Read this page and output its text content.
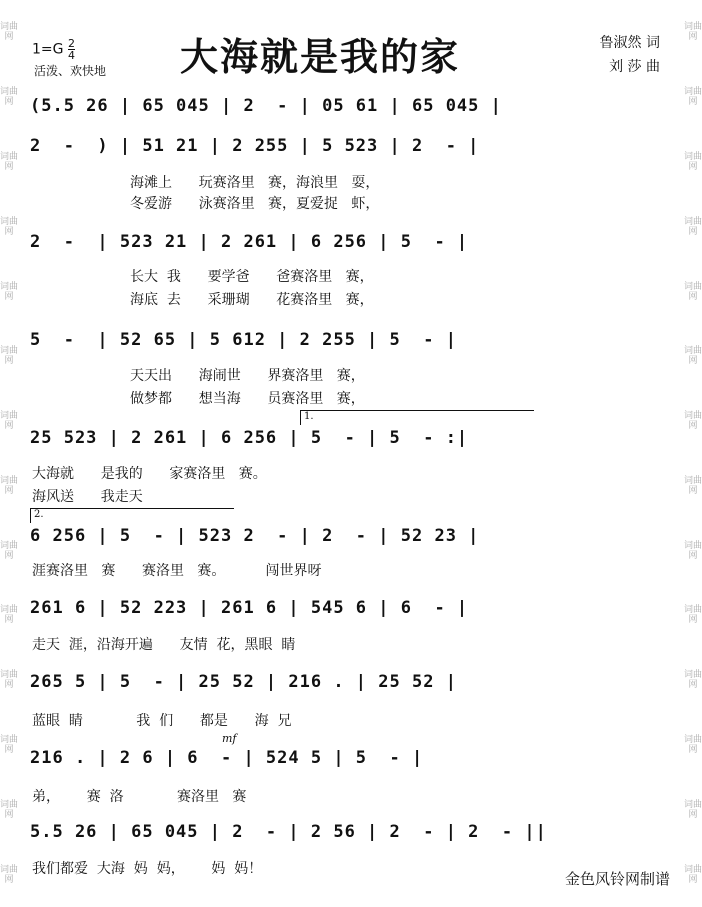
词曲网
词曲网
词曲网
词曲网
词曲网
词曲网
词曲网
词曲网
词曲网
词曲网
词曲网
词曲网
词曲网
词曲网
词曲网
词曲网
词曲网
词曲网
词曲网
词曲网
词曲网
词曲网
词曲网
词曲网
词曲网
词曲网
词曲网
词曲网
$1=G \frac{2}{4}$
活泼、欢快地 大海就是我的家	鲁淑然 词
刘 莎 曲
(5.5 26 | 65 045 | 2  - | 05 61 | 65 045 |
2  -  ) | 51 21 | 2 255 | 5 523 | 2  - |
海滩上      玩赛洛里   赛，海浪里   耍，
冬爱游      泳赛洛里   赛，夏爱捉   虾，
2  -  | 523 21 | 2 261 | 6 256 | 5  - |
长大  我      要学爸      爸赛洛里   赛，
海底  去      采珊瑚      花赛洛里   赛，
5  -  | 52 65 | 5 612 | 2 255 | 5  - |
天天出      海闹世      界赛洛里   赛，
做梦都      想当海      员赛洛里   赛，
1.
25 523 | 2 261 | 6 256 | 5  - | 5  - :|
大海就      是我的      家赛洛里   赛。
海风送      我走天
2.
6 256 | 5  - | 523 2  - | 2  - | 52 23 |
涯赛洛里   赛      赛洛里   赛。         闯世界呀
261 6 | 52 223 | 261 6 | 545 6 | 6  - |
走天  涯，沿海开遍      友情  花，黑眼  睛
265 5 | 5  - | 25 52 | 216 . | 25 52 |
蓝眼  睛            我  们      都是      海  兄
mf
216 . | 2 6 | 6  - | 524 5 | 5  - |
弟，      赛  洛            赛洛里   赛
5.5 26 | 65 045 | 2  - | 2 56 | 2  - | 2  - ||
我们都爱  大海  妈  妈，      妈  妈！
金色风铃网制谱
